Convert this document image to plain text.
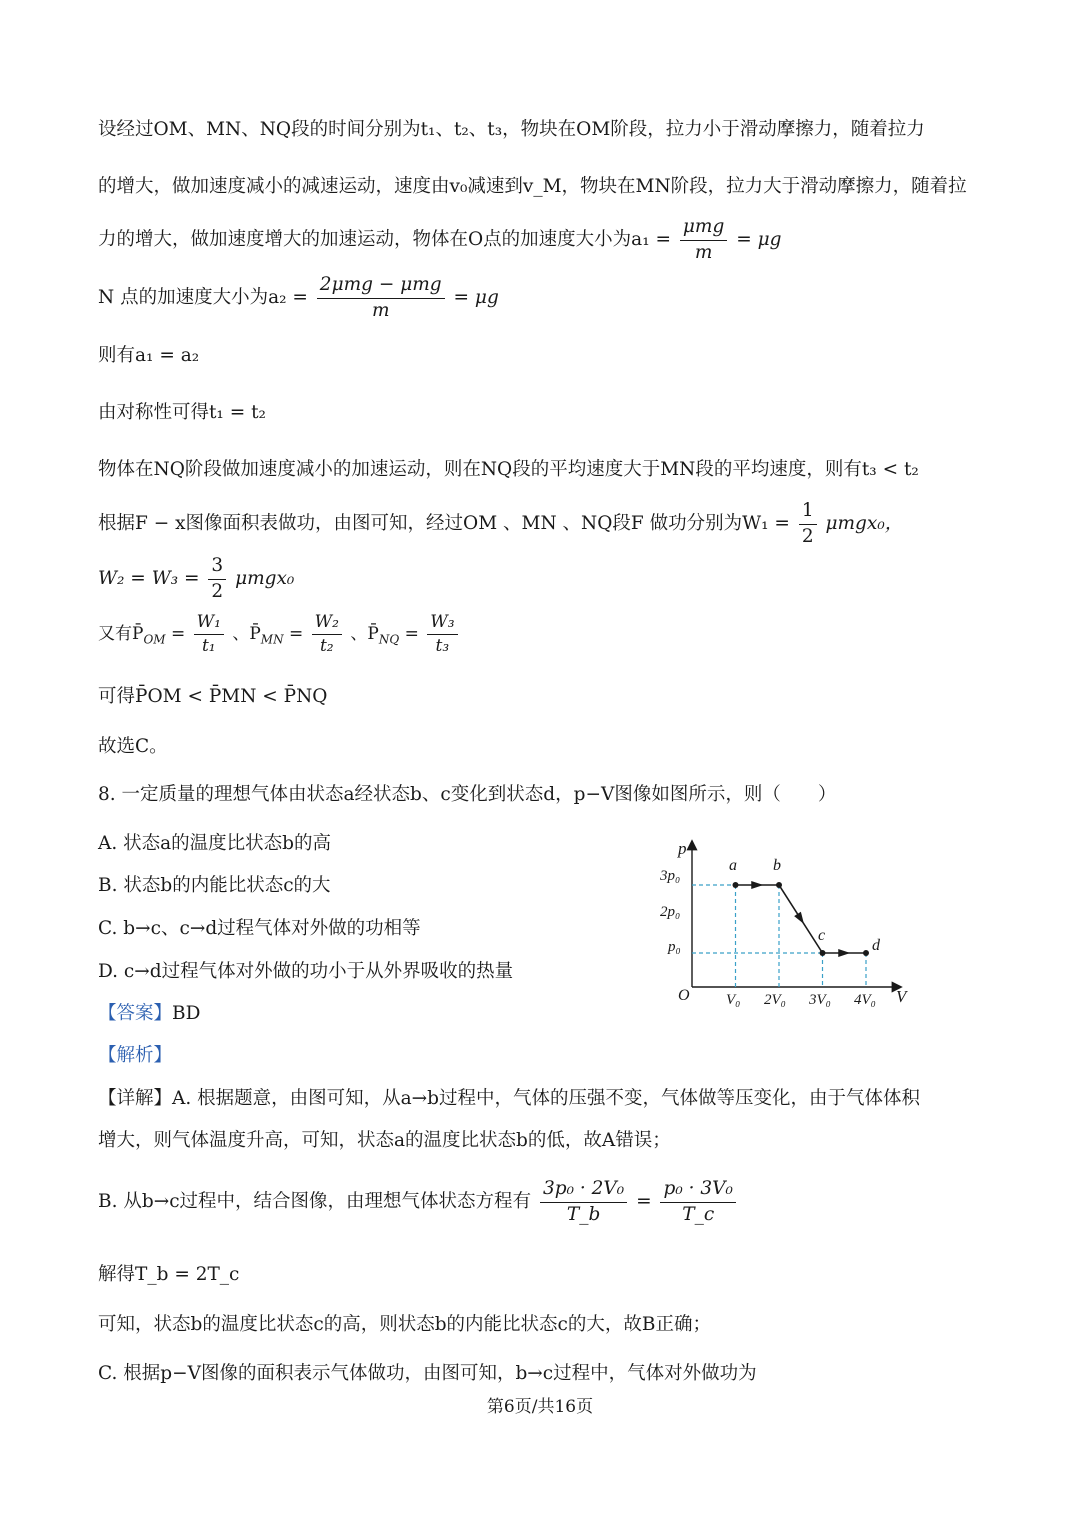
设经过OM、MN、NQ段的时间分别为t₁、t₂、t₃，物块在OM阶段，拉力小于滑动摩擦力，随着拉力
的增大，做加速度减小的减速运动，速度由v₀减速到v_M，物块在MN阶段，拉力大于滑动摩擦力，随着拉
力的增大，做加速度增大的加速运动，物体在O点的加速度大小为$a_1 = \frac{\text{μmg}}{m} = \mu g$
N 点的加速度大小为$a_2 = \frac{\text{2μmg − μmg}}{m} = \mu g$
则有a₁ = a₂
由对称性可得t₁ = t₂
物体在NQ阶段做加速度减小的加速运动，则在NQ段的平均速度大于MN段的平均速度，则有t₃ < t₂
根据F − x图像面积表做功，由图可知，经过OM 、MN 、NQ段F 做功分别为$W_1 = \frac{1}{2} \mu mgx_0$，
$W_2 = W_3 = \frac{3}{2} \mu mgx_0$
又有$P̄_{OM} = \frac{\text{W₁}}{\text{t₁}}$ 、$P̄_{MN} = \frac{\text{W₂}}{\text{t₂}}$ 、$P̄_{NQ} = \frac{\text{W₃}}{\text{t₃}}$
可得P̄OM < P̄MN < P̄NQ
故选C。
8. 一定质量的理想气体由状态a经状态b、c变化到状态d，p−V图像如图所示，则（　　）
A. 状态a的温度比状态b的高
B. 状态b的内能比状态c的大
C. b→c、c→d过程气体对外做的功相等
D. c→d过程气体对外做的功小于从外界吸收的热量
【答案】BD
【解析】
【详解】A. 根据题意，由图可知，从a→b过程中，气体的压强不变，气体做等压变化，由于气体体积
增大，则气体温度升高，可知，状态a的温度比状态b的低，故A错误；
B. 从b→c过程中，结合图像，由理想气体状态方程有 $\frac{\text{3p₀ · 2V₀}}{T\_b} = \frac{\text{p₀ · 3V₀}}{T\_c}$
解得T_b = 2T_c
可知，状态b的温度比状态c的高，则状态b的内能比状态c的大，故B正确；
C. 根据p−V图像的面积表示气体做功，由图可知，b→c过程中，气体对外做功为
p
V
O
3p₀
2p₀
p₀
V₀ 2V₀ 3V₀ 4V₀
a b
c
d
第6页/共16页
